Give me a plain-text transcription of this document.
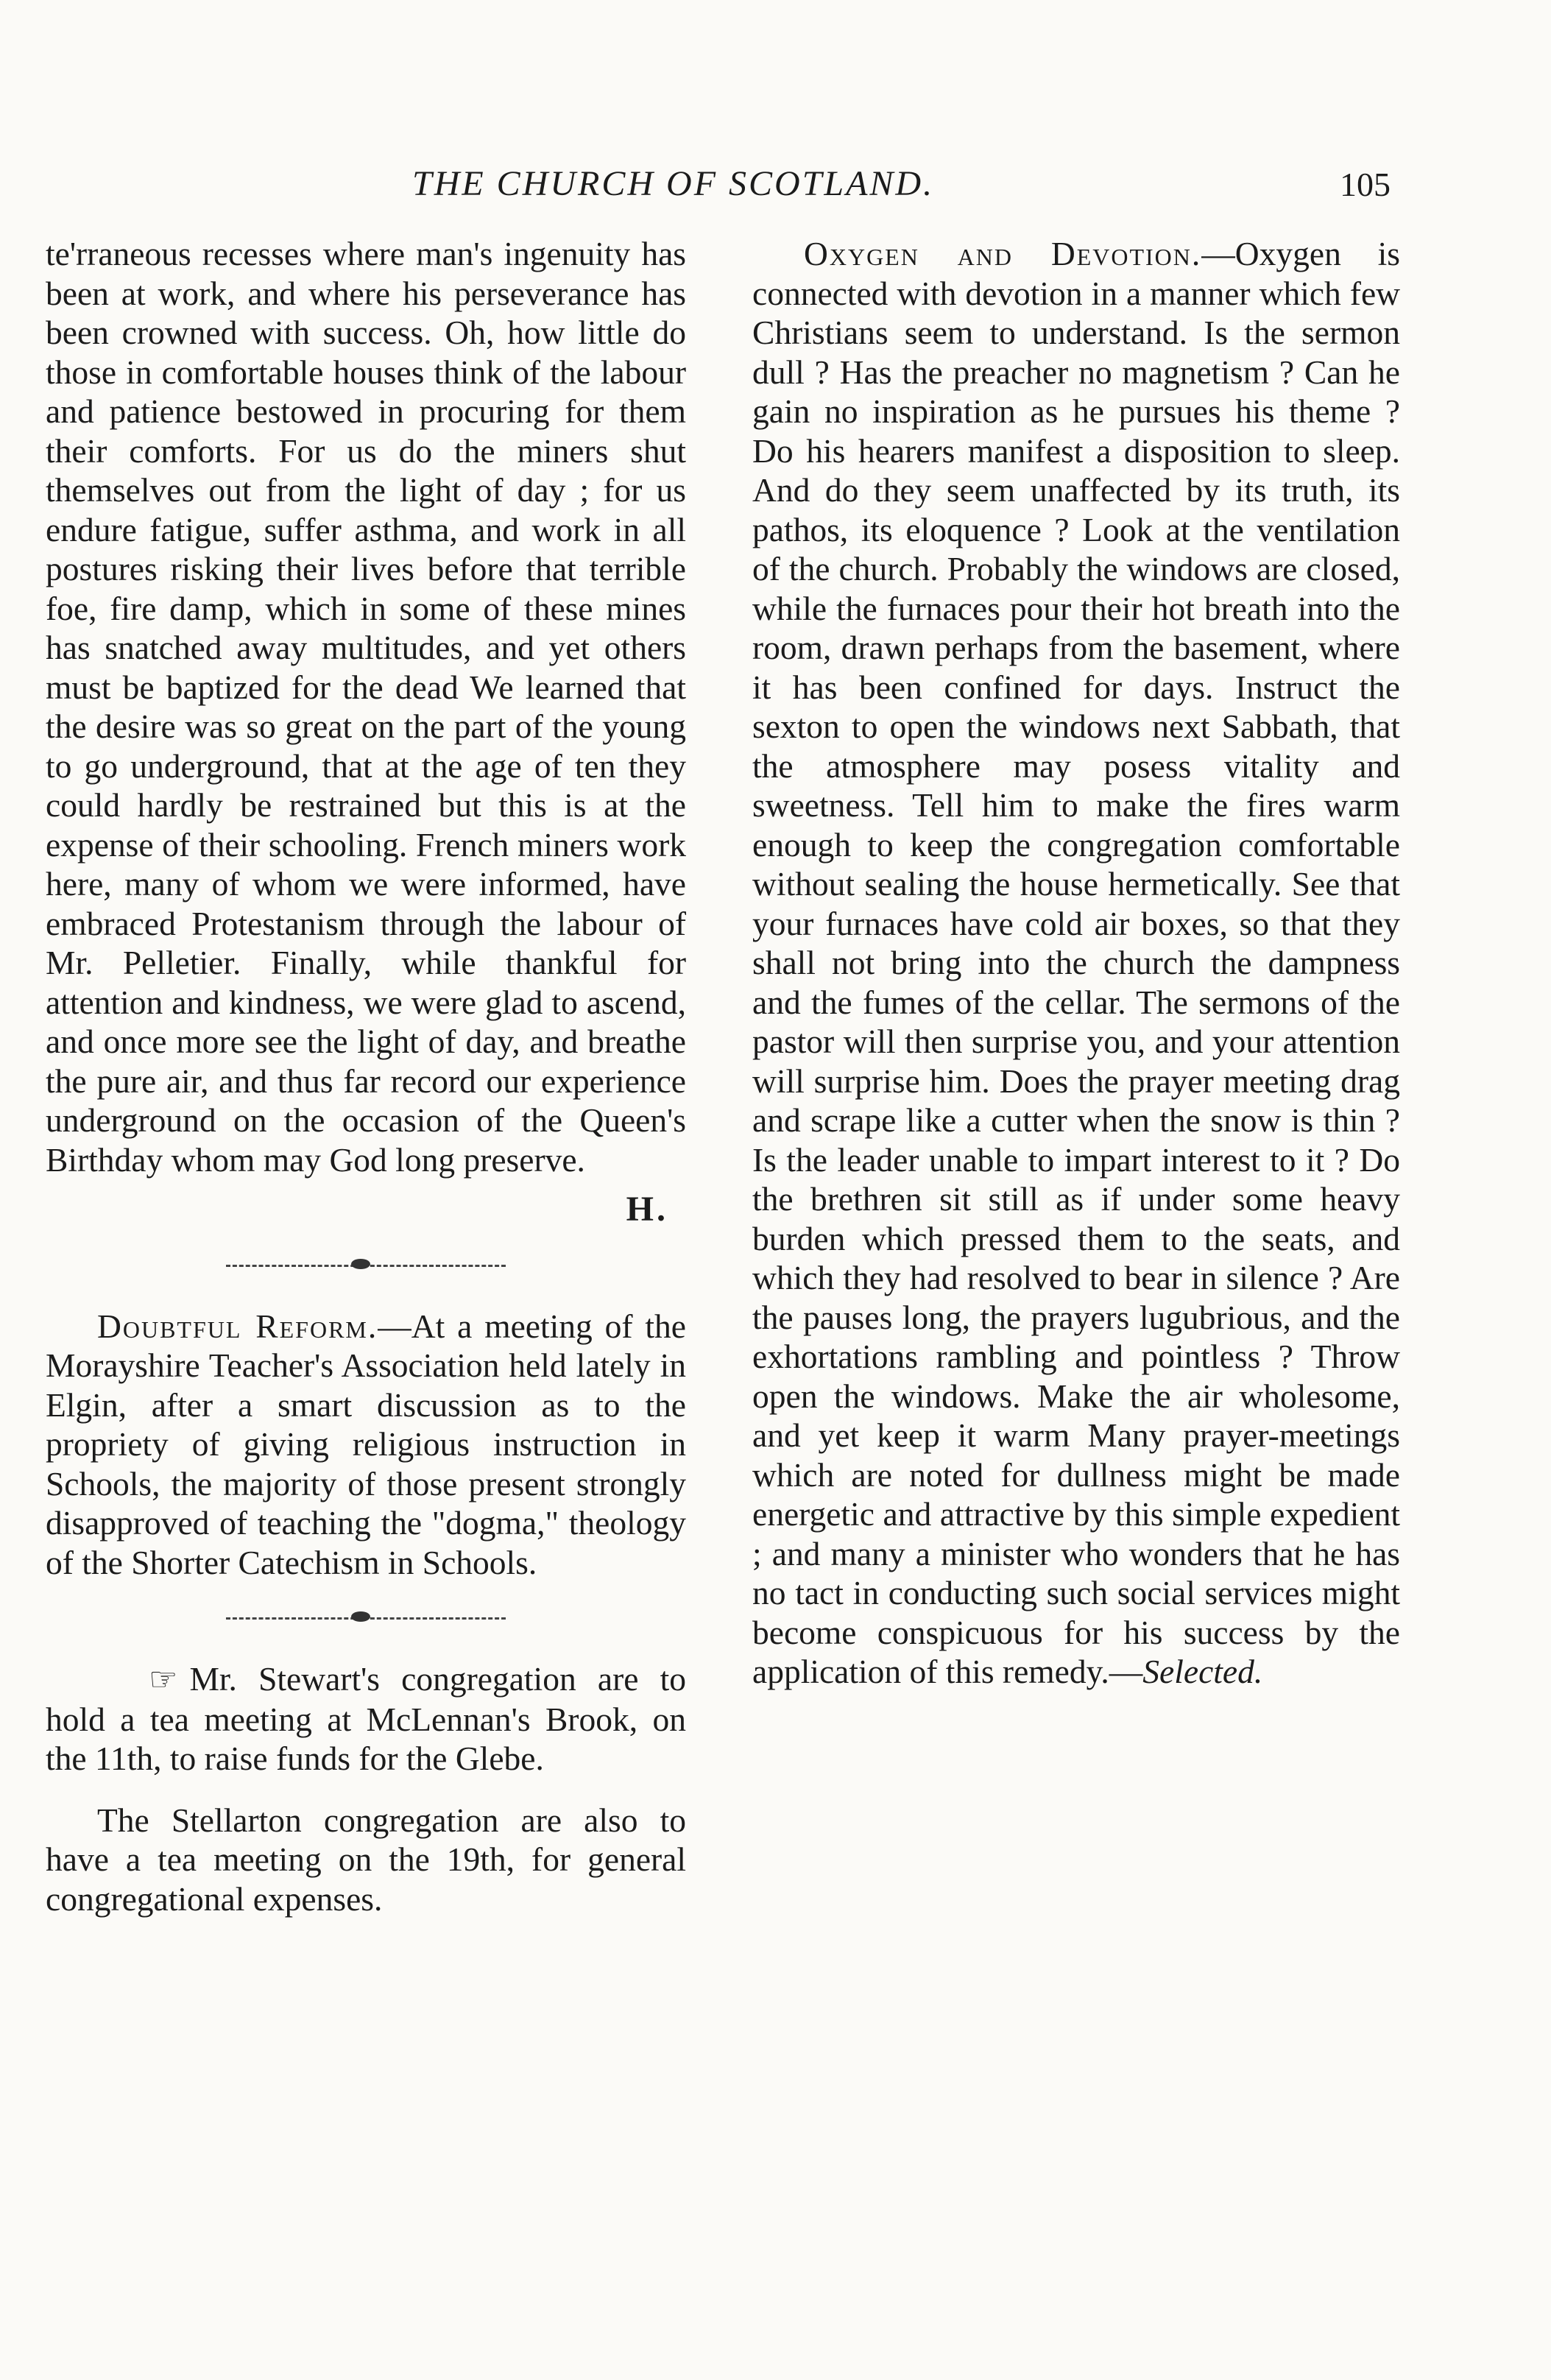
THE CHURCH OF SCOTLAND.	105

te'rraneous recesses where man's ingenuity has been at work, and where his perseverance has been crowned with success. Oh, how little do those in comfortable houses think of the labour and patience bestowed in procuring for them their comforts. For us do the miners shut themselves out from the light of day ; for us endure fatigue, suffer asthma, and work in all postures risking their lives before that terrible foe, fire damp, which in some of these mines has snatched away multitudes, and yet others must be baptized for the dead We learned that the desire was so great on the part of the young to go underground, that at the age of ten they could hardly be restrained but this is at the expense of their schooling. French miners work here, many of whom we were informed, have embraced Protestanism through the labour of Mr. Pelletier. Finally, while thankful for attention and kindness, we were glad to ascend, and once more see the light of day, and breathe the pure air, and thus far record our experience underground on the occasion of the Queen's Birthday whom may God long preserve.

H.

Doubtful Reform.—At a meeting of the Morayshire Teacher's Association held lately in Elgin, after a smart discussion as to the propriety of giving religious instruction in Schools, the majority of those present strongly disapproved of teaching the "dogma," theology of the Shorter Catechism in Schools.

☞ Mr. Stewart's congregation are to hold a tea meeting at McLennan's Brook, on the 11th, to raise funds for the Glebe.

The Stellarton congregation are also to have a tea meeting on the 19th, for general congregational expenses.

Oxygen and Devotion.—Oxygen is connected with devotion in a manner which few Christians seem to understand. Is the sermon dull ? Has the preacher no magnetism ? Can he gain no inspiration as he pursues his theme ? Do his hearers manifest a disposition to sleep. And do they seem unaffected by its truth, its pathos, its eloquence ? Look at the ventilation of the church. Probably the windows are closed, while the furnaces pour their hot breath into the room, drawn perhaps from the basement, where it has been confined for days. Instruct the sexton to open the windows next Sabbath, that the atmosphere may posess vitality and sweetness. Tell him to make the fires warm enough to keep the congregation comfortable without sealing the house hermetically. See that your furnaces have cold air boxes, so that they shall not bring into the church the dampness and the fumes of the cellar. The sermons of the pastor will then surprise you, and your attention will surprise him. Does the prayer meeting drag and scrape like a cutter when the snow is thin ? Is the leader unable to impart interest to it ? Do the brethren sit still as if under some heavy burden which pressed them to the seats, and which they had resolved to bear in silence ? Are the pauses long, the prayers lugubrious, and the exhortations rambling and pointless ? Throw open the windows. Make the air wholesome, and yet keep it warm Many prayer-meetings which are noted for dullness might be made energetic and attractive by this simple expedient ; and many a minister who wonders that he has no tact in conducting such social services might become conspicuous for his success by the application of this remedy.—Selected.
